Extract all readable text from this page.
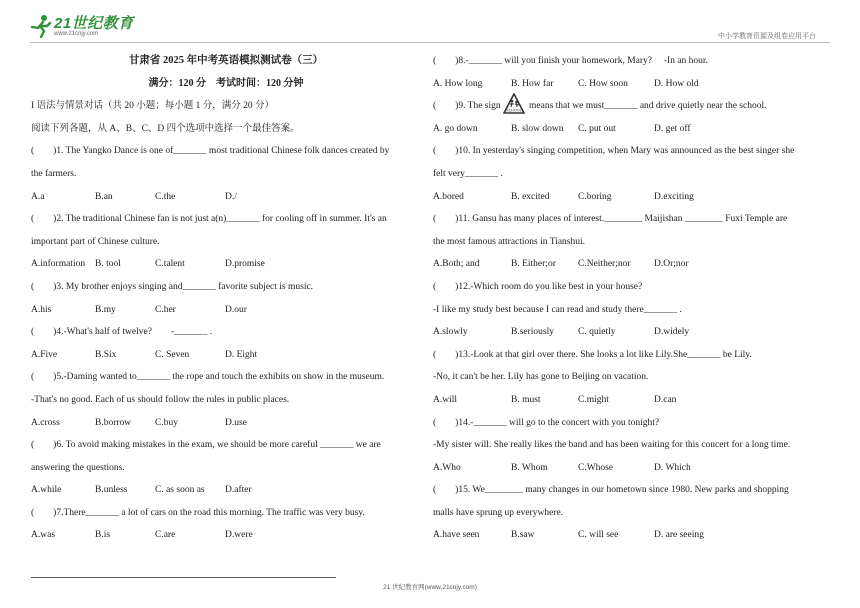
21世纪教育
www.21cnjy.com	中小学教育资源及组卷应用平台
甘肃省 2025 年中考英语模拟测试卷（三）
满分：120 分　考试时间：120 分钟
I 语法与情景对话（共 20 小题；每小题 1 分，满分 20 分）
阅读下列各题，从 A、B、C、D 四个选项中选择一个最佳答案。
(　　)1. The Yangko Dance is one of_______ most traditional Chinese folk dances created by
the farmers.
A.a	B.an	C.the	D./
(　　)2. The traditional Chinese fan is not just a(n)_______ for cooling off in summer. It's an
important part of Chinese culture.
A.information B. tool	C.talent	D.promise
(　　)3. My brother enjoys singing and_______ favorite subject is music.
A.his	B.my	C.her	D.our
(　　)4.-What's half of twelve?　　-_______ .
A.Five	B.Six	C. Seven	D. Eight
(　　)5.-Daming wanted to_______ the rope and touch the exhibits on show in the museum.
-That's no good. Each of us should follow the rules in public places.
A.cross	B.borrow	C.buy	D.use
(　　)6. To avoid making mistakes in the exam, we should be more careful _______ we are
answering the questions.
A.while	B.unless	C. as soon as D.after
(　　)7.There_______ a lot of cars on the road this morning. The traffic was very busy.
A.was	B.is	C.are	D.were
(　　)8.-_______ will you finish your homework, Mary?　 -In an hour.
A. How long	B. How far	C. How soon	D. How old
(　　)9. The sign SCHOOL means that we must_______ and drive quietly near the school.
A. go down	B. slow down C. put out	D. get off
(　　)10. In yesterday's singing competition, when Mary was announced as the best singer she
felt very_______ .
A.bored	B. excited	C.boring	D.exciting
(　　)11. Gansu has many places of interest.________ Maijishan ________ Fuxi Temple are
the most famous attractions in Tianshui.
A.Both; and	B. Either;or C.Neither;nor D.Or;nor
(　　)12.-Which room do you like best in your house?
-I like my study best because I can read and study there_______ .
A.slowly	B.seriously	C. quietly	D.widely
(　　)13.-Look at that girl over there. She looks a lot like Lily.She_______ be Lily.
-No, it can't be her. Lily has gone to Beijing on vacation.
A.will	B. must	C.might	D.can
(　　)14.-_______ will go to the concert with you tonight?
-My sister will. She really likes the band and has been waiting for this concert for a long time.
A.Who	B. Whom	C.Whose	D. Which
(　　)15. We________ many changes in our hometown since 1980. New parks and shopping
malls have sprung up everywhere.
A.have seen	B.saw	C. will see	D. are seeing
21 世纪教育网(www.21cnjy.com)
